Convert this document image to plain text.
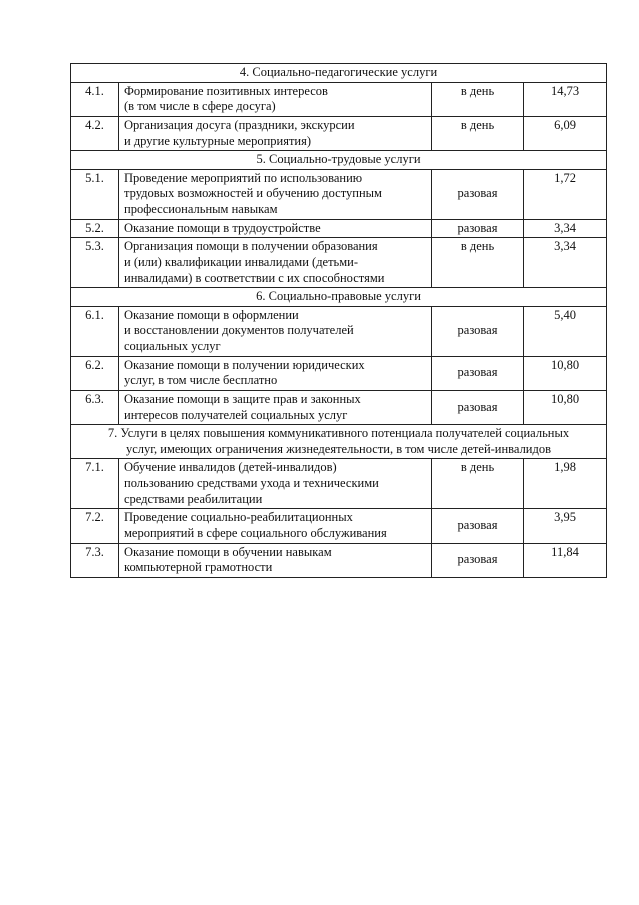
4. Социально-педагогические услуги			
4.1.	Формирование позитивных интересов
(в том числе в сфере досуга)	в день	14,73
4.2.	Организация досуга (праздники, экскурсии
и другие культурные мероприятия)	в день	6,09
5. Социально-трудовые услуги			
5.1.	Проведение мероприятий по использованию
трудовых возможностей и обучению доступным
профессиональным навыкам	разовая	1,72
5.2.	Оказание помощи в трудоустройстве	разовая	3,34
5.3.	Организация помощи в получении образования
и (или) квалификации инвалидами (детьми-
инвалидами) в соответствии с их способностями	в день	3,34
6. Социально-правовые услуги			
6.1.	Оказание помощи в оформлении
и восстановлении документов получателей
социальных услуг	разовая	5,40
6.2.	Оказание помощи в получении юридических
услуг, в том числе бесплатно	разовая	10,80
6.3.	Оказание помощи в защите прав и законных
интересов получателей социальных услуг	разовая	10,80

7. Услуги в целях повышения коммуникативного потенциала получателей социальных
услуг, имеющих ограничения жизнедеятельности, в том числе детей-инвалидов			

7.1.	Обучение инвалидов (детей-инвалидов)
пользованию средствами ухода и техническими
средствами реабилитации	в день	1,98
7.2.	Проведение социально-реабилитационных
мероприятий в сфере социального обслуживания	разовая	3,95
7.3.	Оказание помощи в обучении навыкам
компьютерной грамотности	разовая	11,84
